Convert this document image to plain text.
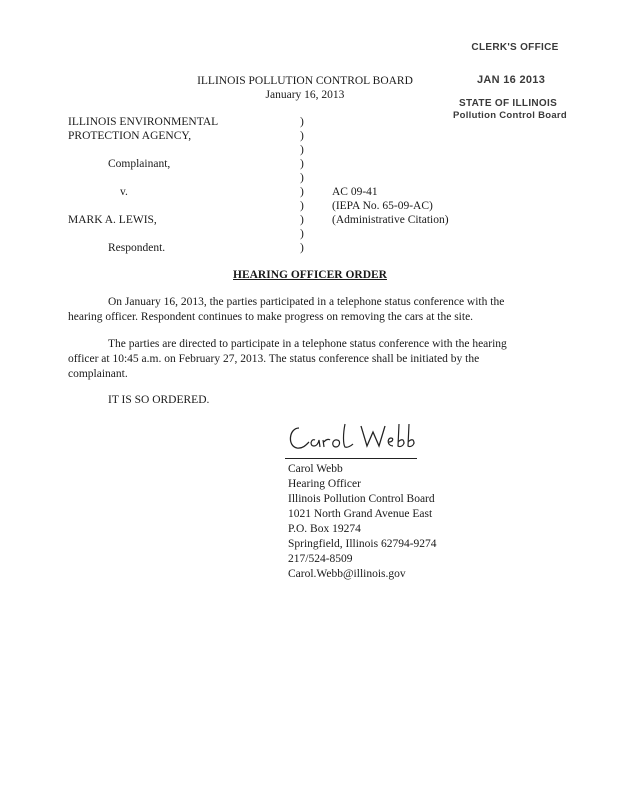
CLERK'S OFFICE
JAN 16 2013
STATE OF ILLINOIS
Pollution Control Board
ILLINOIS POLLUTION CONTROL BOARD
January 16, 2013
ILLINOIS ENVIRONMENTAL
PROTECTION AGENCY,
Complainant,
v.
MARK A. LEWIS,
Respondent.
)
)
)
)
)
)
)
)
)
)
AC 09-41
(IEPA No. 65-09-AC)
(Administrative Citation)
HEARING OFFICER ORDER
On January 16, 2013, the parties participated in a telephone status conference with the hearing officer. Respondent continues to make progress on removing the cars at the site.
The parties are directed to participate in a telephone status conference with the hearing officer at 10:45 a.m. on February 27, 2013. The status conference shall be initiated by the complainant.
IT IS SO ORDERED.
Carol Webb
Hearing Officer
Illinois Pollution Control Board
1021 North Grand Avenue East
P.O. Box 19274
Springfield, Illinois 62794-9274
217/524-8509
Carol.Webb@illinois.gov
